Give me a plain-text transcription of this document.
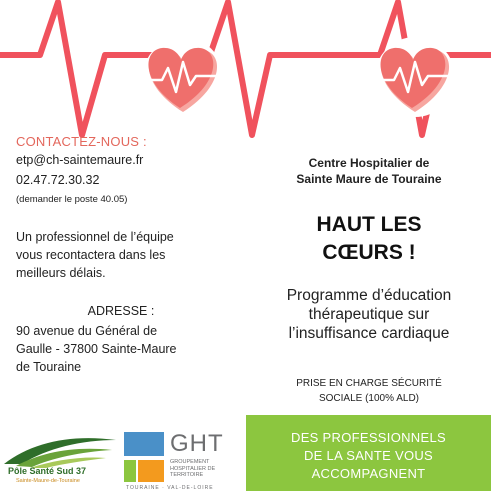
CONTACTEZ-NOUS :
etp@ch-saintemaure.fr
02.47.72.30.32
(demander le poste 40.05)
Un professionnel de l’équipe
vous recontactera dans les
meilleurs délais.
ADRESSE :
90 avenue du Général de
Gaulle - 37800 Sainte-Maure
de Touraine
Centre Hospitalier de
Sainte Maure de Touraine
HAUT LES
CŒURS !
Programme d’éducation
thérapeutique sur
l’insuffisance cardiaque
PRISE EN CHARGE SÉCURITÉ
SOCIALE (100% ALD)
DES PROFESSIONNELS
DE LA SANTE VOUS
ACCOMPAGNENT
Pôle Santé Sud 37
Sainte-Maure-de-Touraine
GHT
GROUPEMENT
HOSPITALIER DE
TERRITOIRE
TOURAINE · VAL-DE-LOIRE
